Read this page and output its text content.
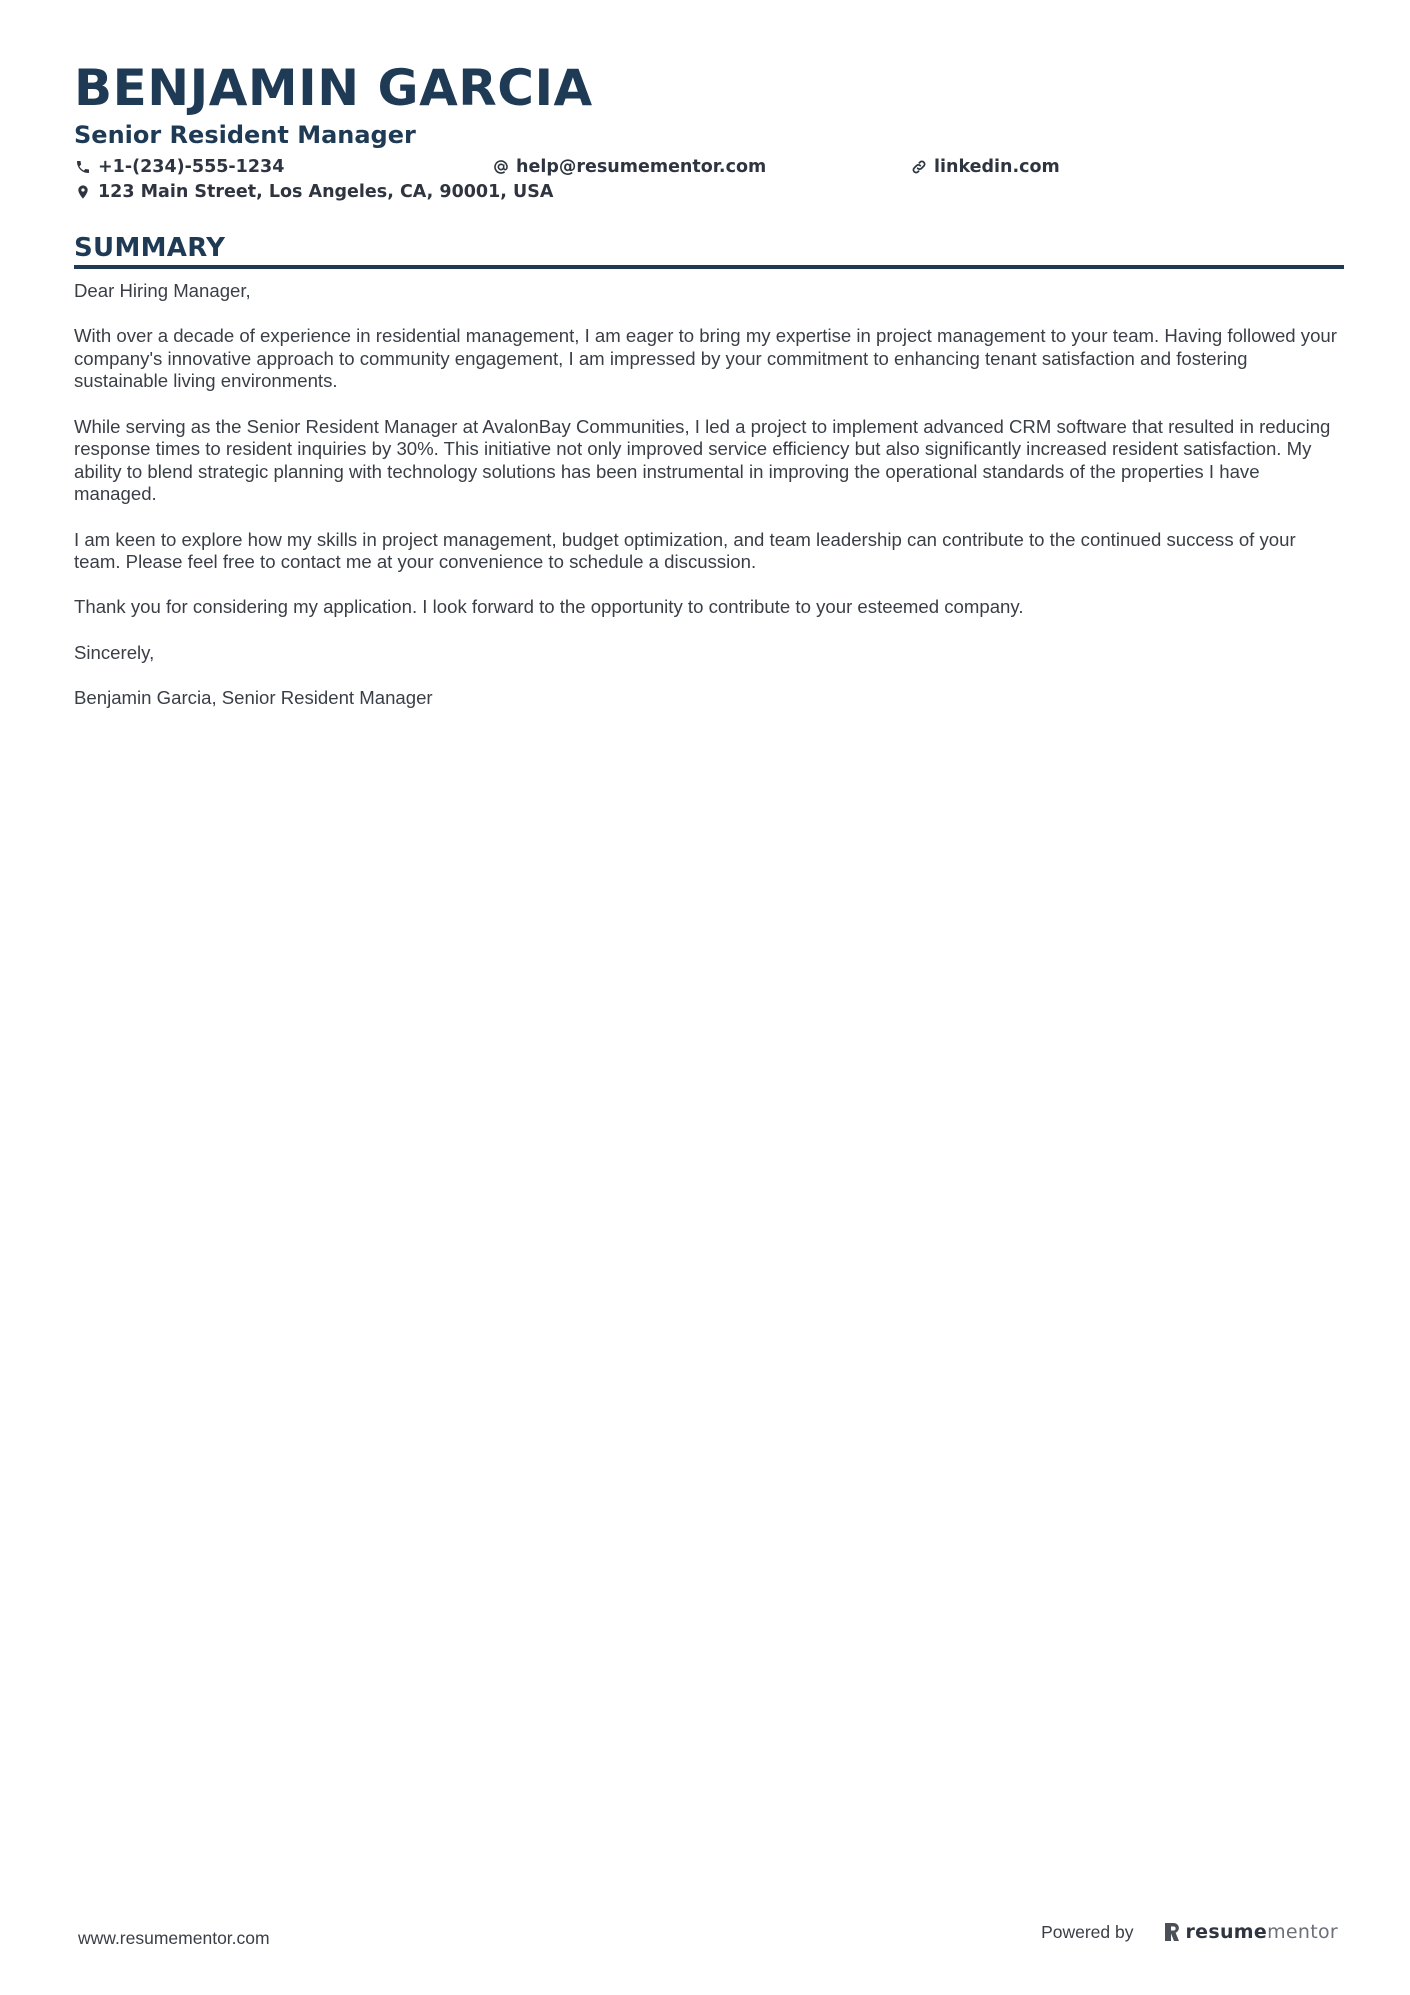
BENJAMIN GARCIA
Senior Resident Manager
+1-(234)-555-1234	help@resumementor.com	linkedin.com
123 Main Street, Los Angeles, CA, 90001, USA
SUMMARY

Dear Hiring Manager,

With over a decade of experience in residential management, I am eager to bring my expertise in project management to your team. Having followed your company's innovative approach to community engagement, I am impressed by your commitment to enhancing tenant satisfaction and fostering sustainable living environments.

While serving as the Senior Resident Manager at AvalonBay Communities, I led a project to implement advanced CRM software that resulted in reducing response times to resident inquiries by 30%. This initiative not only improved service efficiency but also significantly increased resident satisfaction. My ability to blend strategic planning with technology solutions has been instrumental in improving the operational standards of the properties I have managed.

I am keen to explore how my skills in project management, budget optimization, and team leadership can contribute to the continued success of your team. Please feel free to contact me at your convenience to schedule a discussion.

Thank you for considering my application. I look forward to the opportunity to contribute to your esteemed company.

Sincerely,

Benjamin Garcia, Senior Resident Manager

www.resumementor.com	Powered by	resumementor
